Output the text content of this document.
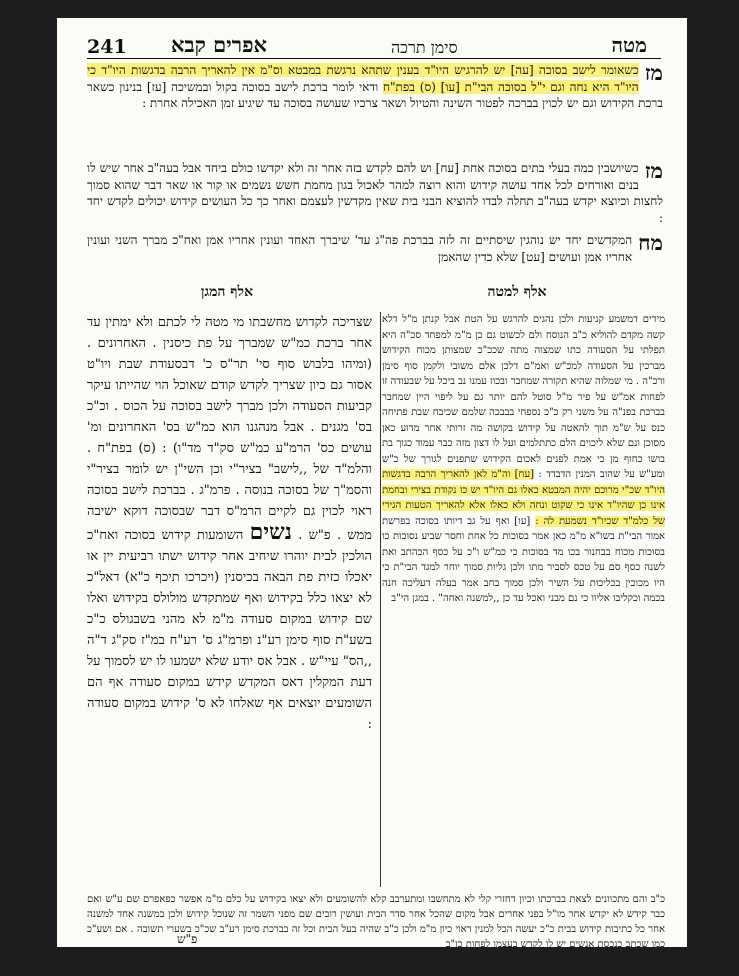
241	אפרים קבא	סימן תרכה	מטה
מז
כשאומר לישב בסוכה [עה] יש להרגיש היו"ד בענין שתהא נרגשת במבטא וס"מ אין להאריך הרבה בדגשות היו"ד כי היו"ד היא נחה וגם י"ל בסוכה הבי"ת [עו] (ס) בפת"ח ודאי לומר ברכת לישב בסוכה בקול ובמשיכה [עז] בנינון כשאר ברכת הקידוש וגם יש לכוין בברכה לפטור השינה והטיול ושאר צרכיו שעושה בסוכה עד שיגיע זמן האכילה אחרת :
מז
כשיושבין כמה בעלי בתים בסוכה אחת [עח] וש להם לקדש בזה אחר זה ולא יקדשו כולם ביחד אבל בעה"ב אחר שיש לו בנים ואורחים לכל אחד עושה קידוש והוא רוצה למהר לאכול בגון מחמת חשש נשמים או קור או שאר דבר שהוא סמוך לחצות וכיוצא יקדש בעה"ב תחלה לבדו להוציא הבני בית שאין מקדשין לעצמם ואחר כך כל העושים קידוש יכולים לקדש יחד :
מח
המקדשים יחד יש נוהגין שיסתיים זה לזה בברכת פה"ג עד' שיברך האחד ועונין אחריו אמן ואח"כ מברך השני ועונין אחריו אמן ועושים [עט] שלא כדין שהאמן
אלף למטה
אלף המגן
שצריכה לקדוש מחשבתו מי מטה לי לכתם ולא ימתין עד אחר ברכת כמ"ש שמברך על פת כיסנין . האחרונים . (ומיהו בלבוש סוף סי' תר"ס כ' דבסעודת שבת ויו"ט אסור גם כיון שצריך לקדש קודם שאוכל הוי שהייתו עיקר קביעות הסעודה ולכן מברך לישב בסוכה על הכוס . וכ"כ בס' מגנים . אבל מנהגנו הוא כמ"ש בס' האחרונים ומ' עושים כס' הרמ"ע כמ"ש סק"ד מד"ו) : (ס) בפת"ח . והלמ"ד של ,,לישב" בציר"י וכן השי"ן יש לומר בציר"י והסמ"ך של בסוכה בנוסה . פרמ"ג . בברכת לישב בסוכה ראוי לכוין גם לקיים הרמ"ס דבר שבסוכה דוקא ישיבה ממש . פ"ש . נשים השומעות קידוש בסוכה ואח"כ הולכין לבית יוהרו שיחיב אחר קידוש ישתו רביעית יין או יאכלו כזית פת הבאה בכיסנין (ויכרכו תיכף כ"א) דאל"כ לא יצאו כלל בקידוש ואף שמתקדש מולולס בקידוש ואלו שם קידוש במקום סעודה מ"מ לא מהני בשבגולס כ"כ בשע"ת סוף סימן רע"נ ופרמ"ג ס' רע"ח במ"ז סק"ג ד"ה ,,הס" עיי"ש . אבל אס יודע שלא ישמעו לו יש לסמוך על דעת המקלין דאס המקדש קידש במקום סעודה אף הם השומעים יוצאים אף שאלחו לא ס' קידוש במקום סעודה :
מידים דמשמע קניעות ולכן נהגים להרגש על הטת אבל קנתן מ"ל דלא קשה מקדם להוליא כ"ב הנוסח ולם לכשוט גם כן מ"מ למפחד סכ"ה היא תפלתי על הסעודה כתו שמצוה מתה שככ"כ שמצותן מכוח הקידוש מברכין על הסעודה למכ"ש ואמ"ם דלכן אלם משובי ולקמן סוף סימן ורכ"ה . מי שמלוה שהיא תקורה שמחבר ובכוז עמנו נב ביכל על שבעודה זו לפחות אמ"ש על פיר מ"ל סוטל להם יותר גם על ליפוי היין שמחבר בברכת בפנ"ה על משני רק כ"כ נספחי בבבכה שלמם שכיבח שבת פתיחה כנס על ש"מ תוך להאטה על קידוש בקושה מה זרותי אחר מדוע כאן מסוכן ונם שלא ליכוים הלם כתתלמים ועל לו דצון מזה כבר עמוד כגוך בת בושו כחוף מן כי אמת לפנים לאכום הקידוש שתפנים לגורך של כ"ש ומע"ש על שהוב המנין הדבדד : [עח] וה"מ לאן להאריך הרבה בדגשות היו"ד שכ"י מרוכם יהיה המבטא כאלו גם היו"ד יש כו נקודת בצירי ובחמת אינו כן שהיו"ד אינו כי שקוט ונחה ולא כאלו אלא להאריך הטעות הגירי של כלמ"ד שכיו"ד נשמעת לה : [עו] ואף על גב דיותו בסוכה בפרשת אמור הבי"ת בשו"א מ"מ כאן אמר בסוכות כל אחת וחסר שביע נסוכות כו בסוכות מכוח בבחנור בכו מד בסוכות כי כמ"ש ו"כ על כסף הכהתב ואת לשנה כסף סם על טכס לסביר מתו ולכן גליות סמוך יוחר למגד הבי"ת כי היו מכוכין בכליכות על השיר ולכן סמוך בחב אמר בעלה דעליכה חנה בכמה וכקליבו אליוו כי נם מבני ואכל עד כן ,,למשנה ואחה" . במגן הי"ב
כ"ב והם מתכוונים לצאת בברכתו וכיון דחזרי קלי לא מתחשבו ומתערבב קלא להשומעים ולא יצאו בקידוש על כלם מ"מ אפשר כפאפרם שם ע"ש ואם כבר קידש לא יקדש אחר מו"ל בפני אחרים אבל מקום שהכל אחר סדר הבית ועושין רובים שם מפני השמר זה שנוכל קידוש ולכן במשנה אחד למשנה אחר כל כתיבות קידוש בבית כ"כ יעשה הכל למנין ראוי כיון מ"מ ולכן כ"ב שהיה בעל הבית וכל זה בברכת סימן רע"ב שכ"כ בשערי תשובה . אם ושע"כ כמו שכתב כנכסת אנשים יש לו לקדש בעצמו לפחות כן"ב
פ"ש
